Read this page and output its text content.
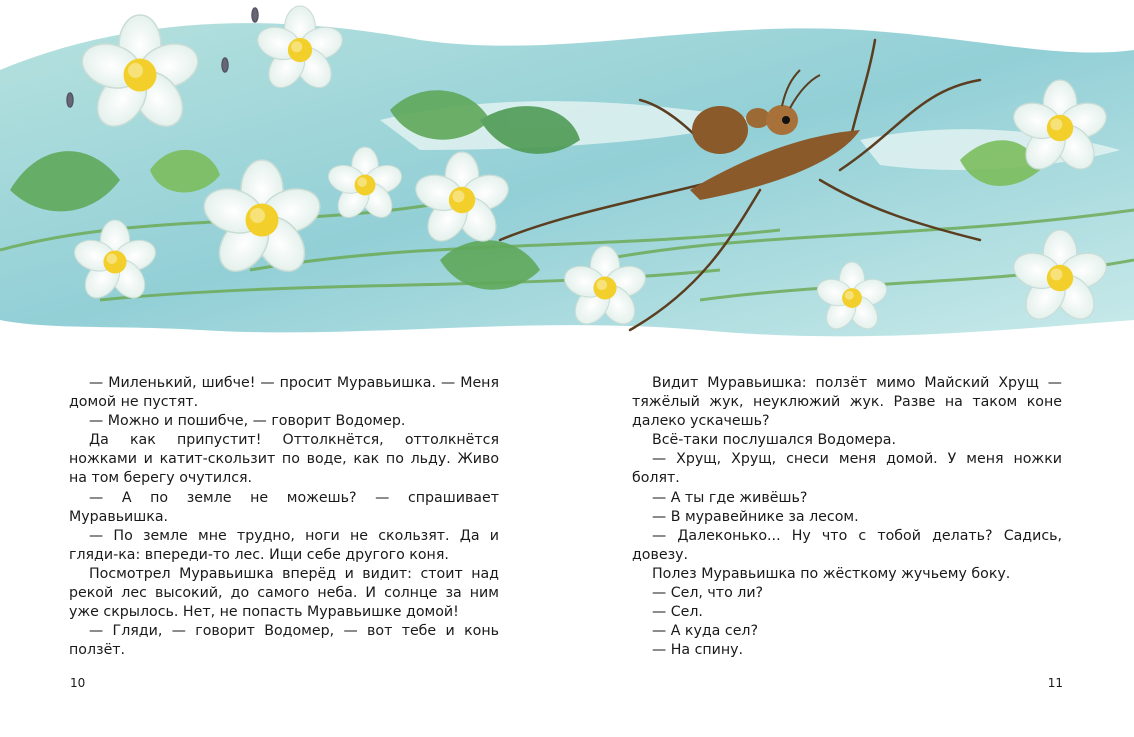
— Миленький, шибче! — просит Муравьишка. — Меня домой не пустят.

— Можно и пошибче, — говорит Водомер.

Да как припустит! Оттолкнётся, оттолкнётся ножками и катит-скользит по воде, как по льду. Живо на том берегу очутился.

— А по земле не можешь? — спрашивает Муравьишка.

— По земле мне трудно, ноги не скользят. Да и гляди-ка: впереди-то лес. Ищи себе другого коня.

Посмотрел Муравьишка вперёд и видит: стоит над рекой лес высокий, до самого неба. И солнце за ним уже скрылось. Нет, не попасть Муравьишке домой!

— Гляди, — говорит Водомер, — вот тебе и конь ползёт.

Видит Муравьишка: ползёт мимо Майский Хрущ — тяжёлый жук, неуклюжий жук. Разве на таком коне далеко ускачешь?

Всё-таки послушался Водомера.

— Хрущ, Хрущ, снеси меня домой. У меня ножки болят.

— А ты где живёшь?

— В муравейнике за лесом.

— Далеконько... Ну что с тобой делать? Садись, довезу.

Полез Муравьишка по жёсткому жучьему боку.

— Сел, что ли?

— Сел.

— А куда сел?

— На спину.

10	11
